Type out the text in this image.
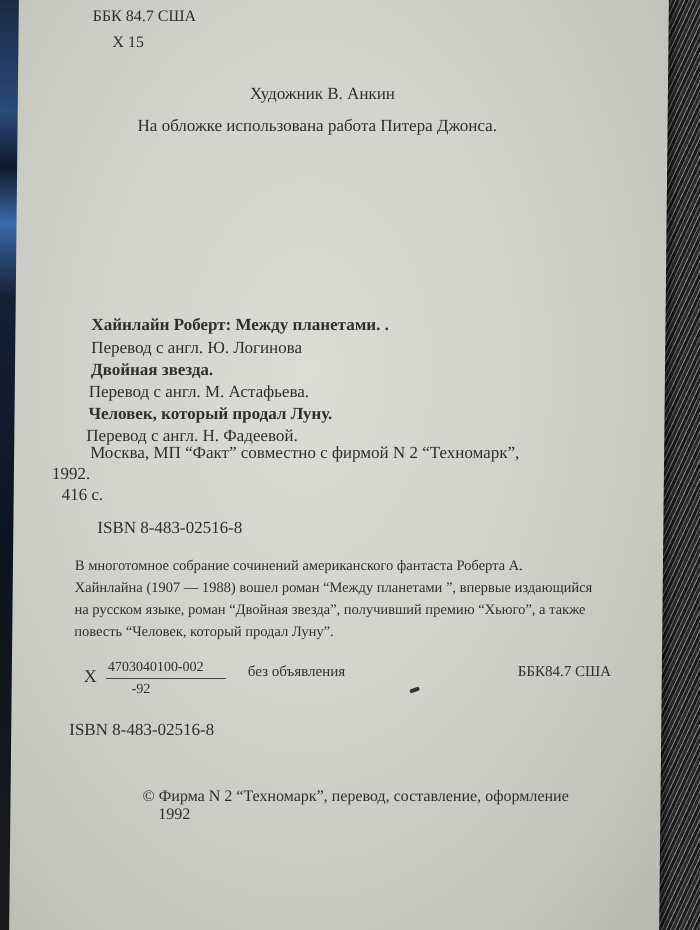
ББК 84.7 США
Х 15
Художник В. Анкин
На обложке использована работа Питера Джонса.
Хайнлайн Роберт: Между планетами. .
Перевод с англ. Ю. Логинова
Двойная звезда.
Перевод с англ. М. Астафьева.
Человек, который продал Луну.
Перевод с англ. Н. Фадеевой.
Москва, МП “Факт” совместно с фирмой N 2 “Техномарк”,
1992.
416 с.
ISBN 8-483-02516-8
В многотомное собрание сочинений американского фантаста Роберта А.
Хайнлайна (1907 — 1988) вошел роман “Между планетами ”, впервые издающийся
на русском языке, роман “Двойная звезда”, получивший премию “Хьюго”, а также
повесть “Человек, который продал Луну”.
Х 4703040100-002
-92
без объявления	ББК84.7 США
ISBN 8-483-02516-8
© Фирма N 2 “Техномарк”, перевод, составление, оформление
1992
